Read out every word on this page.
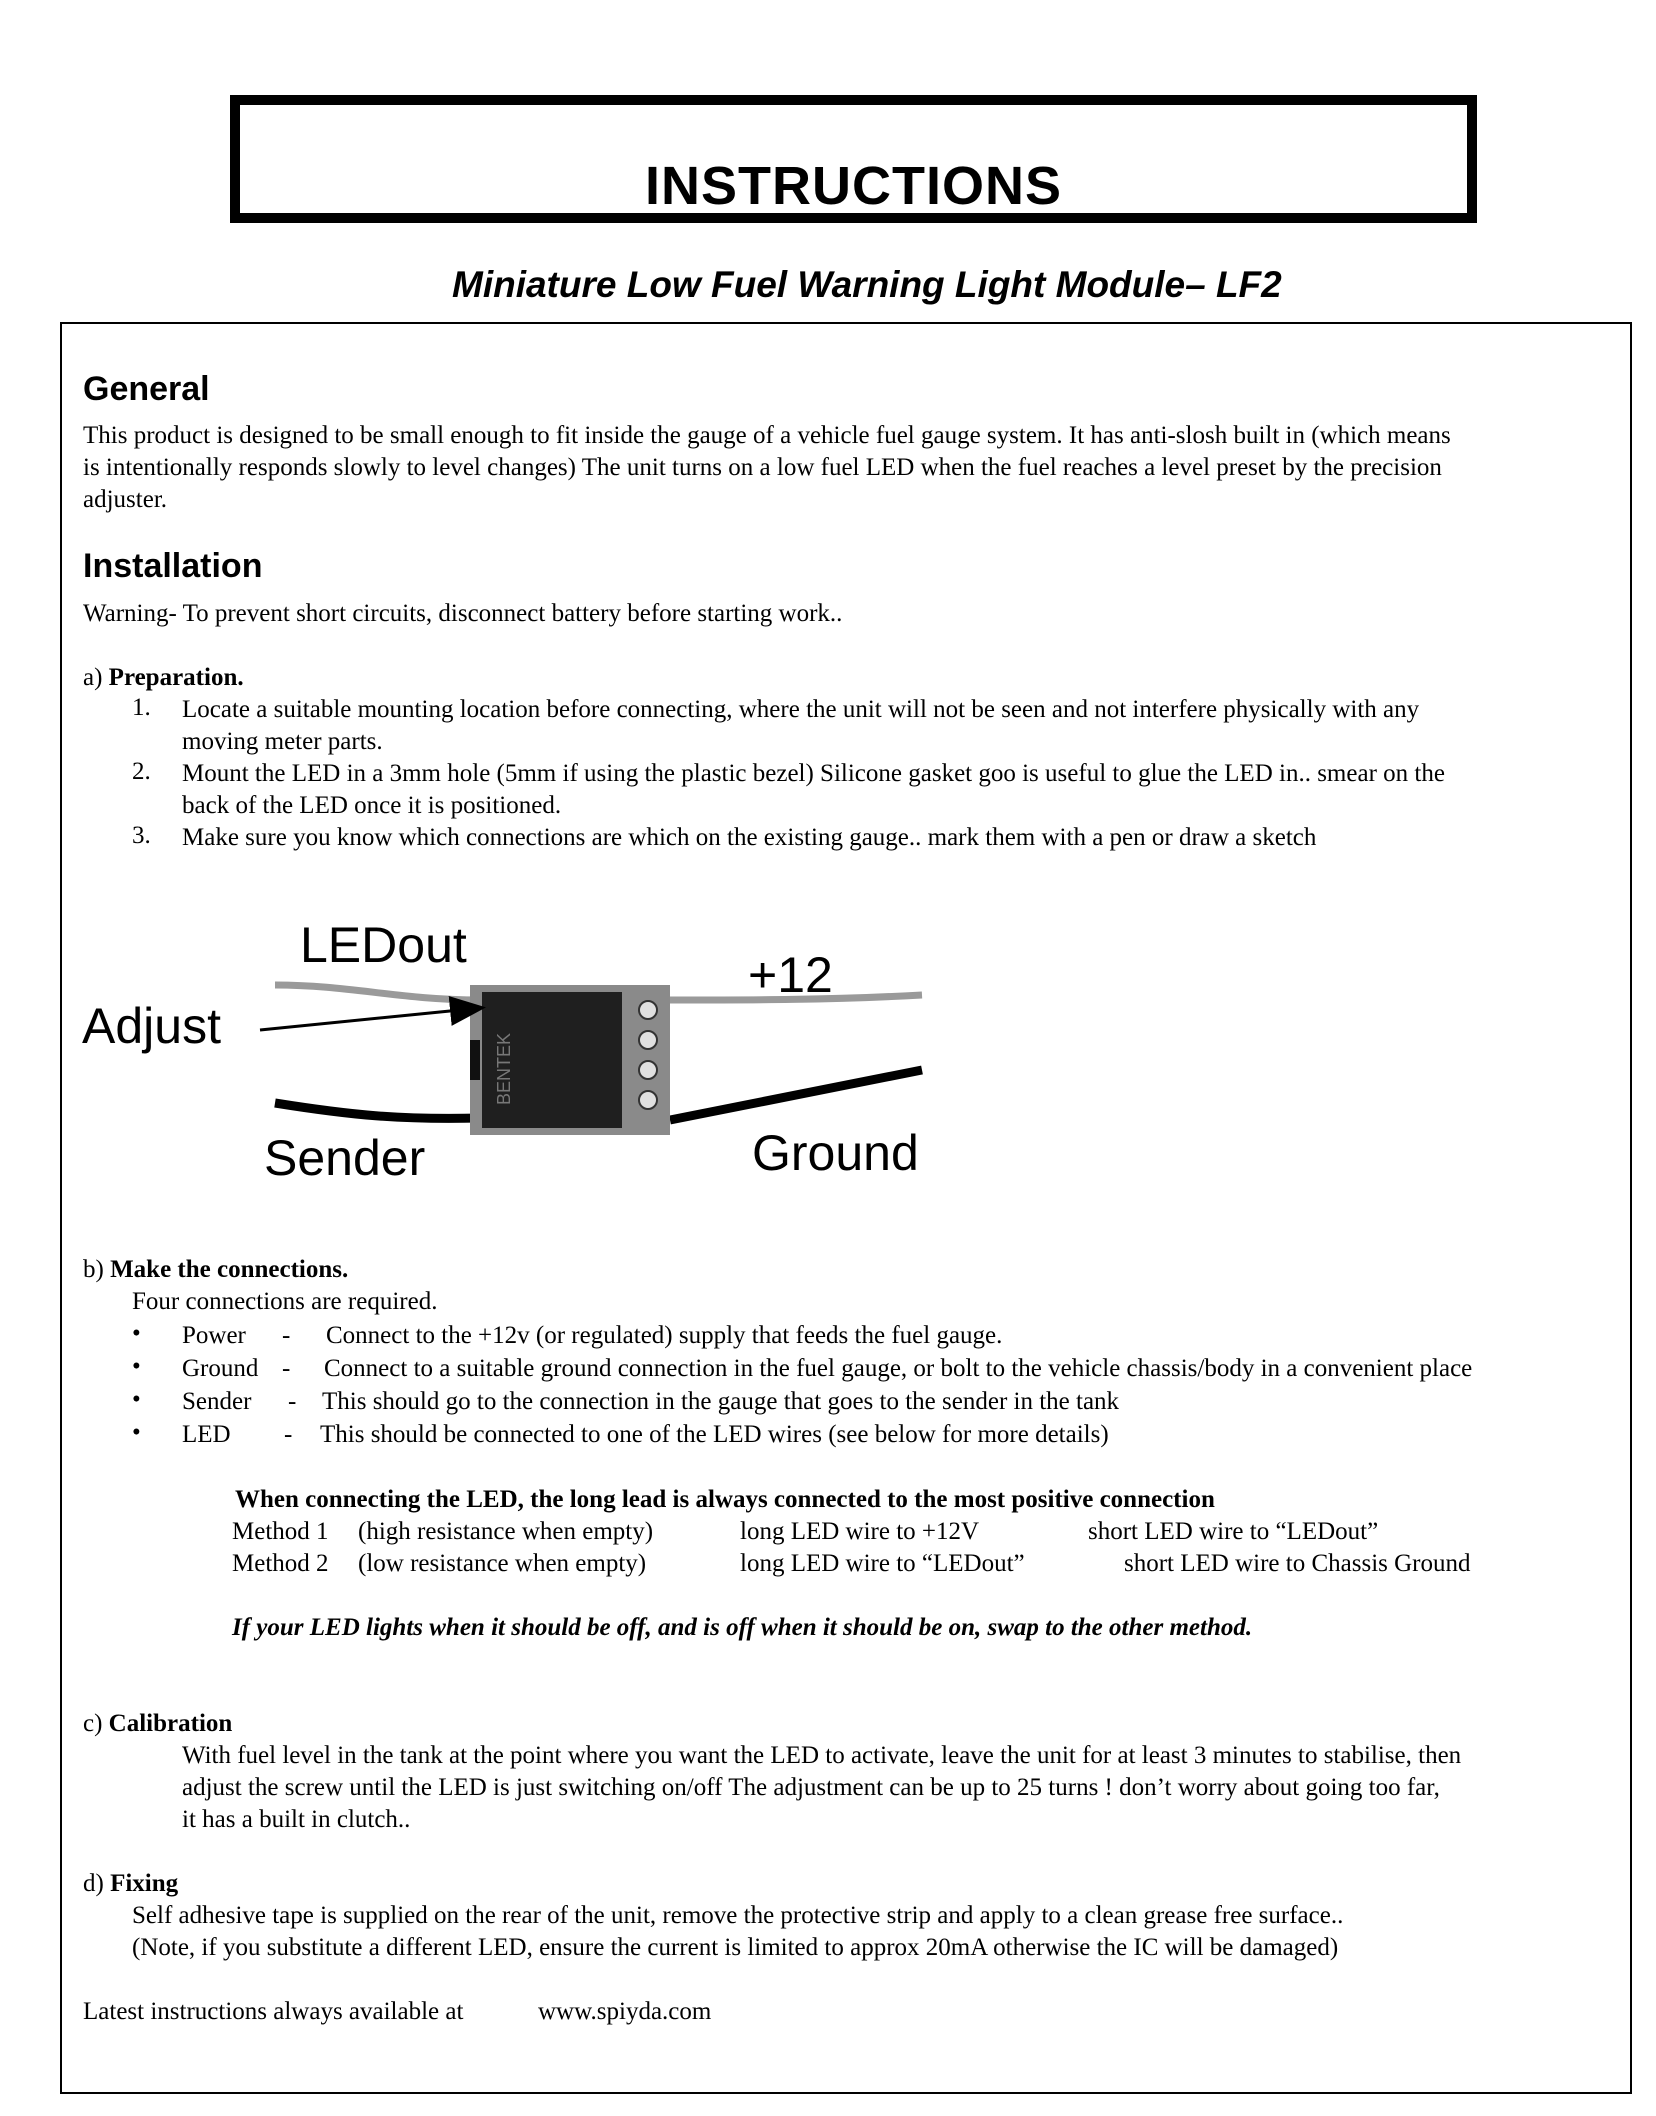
INSTRUCTIONS
Miniature Low Fuel Warning Light Module– LF2
General
This product is designed to be small enough to fit inside the gauge of a vehicle fuel gauge system. It has anti-slosh built in (which means
is intentionally responds slowly to level changes) The unit turns on a low fuel LED when the fuel reaches a level preset by the precision
adjuster.
Installation
Warning- To prevent short circuits, disconnect battery before starting work..
a) Preparation.
1. Locate a suitable mounting location before connecting, where the unit will not be seen and not interfere physically with any
moving meter parts.
2. Mount the LED in a 3mm hole (5mm if using the plastic bezel) Silicone gasket goo is useful to glue the LED in.. smear on the
back of the LED once it is positioned.
3. Make sure you know which connections are which on the existing gauge.. mark them with a pen or draw a sketch
BENTEK
LEDout
+12
Adjust
Sender	Ground
b) Make the connections.
Four connections are required.
• Power - Connect to the +12v (or regulated) supply that feeds the fuel gauge.
• Ground - Connect to a suitable ground connection in the fuel gauge, or bolt to the vehicle chassis/body in a convenient place
• Sender - This should go to the connection in the gauge that goes to the sender in the tank
• LED - This should be connected to one of the LED wires (see below for more details)
When connecting the LED, the long lead is always connected to the most positive connection
Method 1 (high resistance when empty)	long LED wire to +12V	short LED wire to “LEDout”
Method 2 (low resistance when empty)	long LED wire to “LEDout”	short LED wire to Chassis Ground
If your LED lights when it should be off, and is off when it should be on, swap to the other method.
c) Calibration
With fuel level in the tank at the point where you want the LED to activate, leave the unit for at least 3 minutes to stabilise, then
adjust the screw until the LED is just switching on/off The adjustment can be up to 25 turns ! don’t worry about going too far,
it has a built in clutch..
d) Fixing
Self adhesive tape is supplied on the rear of the unit, remove the protective strip and apply to a clean grease free surface..
(Note, if you substitute a different LED, ensure the current is limited to approx 20mA otherwise the IC will be damaged)
Latest instructions always available at	www.spiyda.com
